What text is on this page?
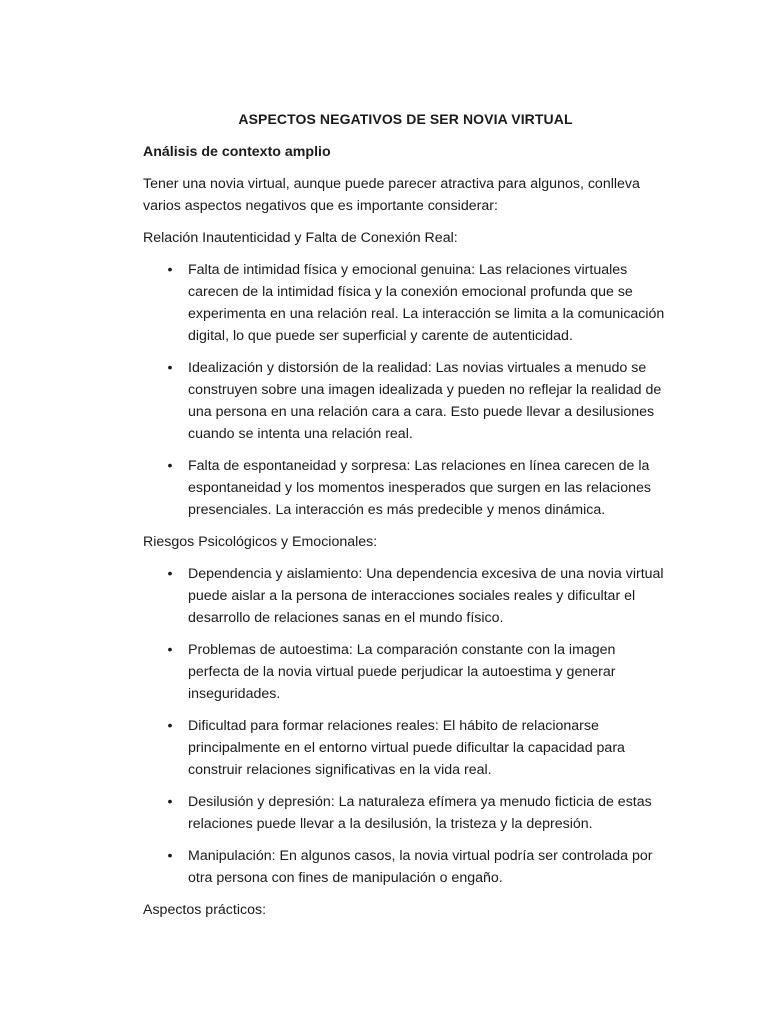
ASPECTOS NEGATIVOS DE SER NOVIA VIRTUAL
Análisis de contexto amplio

Tener una novia virtual, aunque puede parecer atractiva para algunos, conlleva varios aspectos negativos que es importante considerar:

Relación Inautenticidad y Falta de Conexión Real:
• Falta de intimidad física y emocional genuina: Las relaciones virtuales carecen de la intimidad física y la conexión emocional profunda que se experimenta en una relación real. La interacción se limita a la comunicación digital, lo que puede ser superficial y carente de autenticidad.
• Idealización y distorsión de la realidad: Las novias virtuales a menudo se construyen sobre una imagen idealizada y pueden no reflejar la realidad de una persona en una relación cara a cara. Esto puede llevar a desilusiones cuando se intenta una relación real.
• Falta de espontaneidad y sorpresa: Las relaciones en línea carecen de la espontaneidad y los momentos inesperados que surgen en las relaciones presenciales. La interacción es más predecible y menos dinámica.
Riesgos Psicológicos y Emocionales:
• Dependencia y aislamiento: Una dependencia excesiva de una novia virtual puede aislar a la persona de interacciones sociales reales y dificultar el desarrollo de relaciones sanas en el mundo físico.
• Problemas de autoestima: La comparación constante con la imagen perfecta de la novia virtual puede perjudicar la autoestima y generar inseguridades.
• Dificultad para formar relaciones reales: El hábito de relacionarse principalmente en el entorno virtual puede dificultar la capacidad para construir relaciones significativas en la vida real.
• Desilusión y depresión: La naturaleza efímera ya menudo ficticia de estas relaciones puede llevar a la desilusión, la tristeza y la depresión.
• Manipulación: En algunos casos, la novia virtual podría ser controlada por otra persona con fines de manipulación o engaño.
Aspectos prácticos:
